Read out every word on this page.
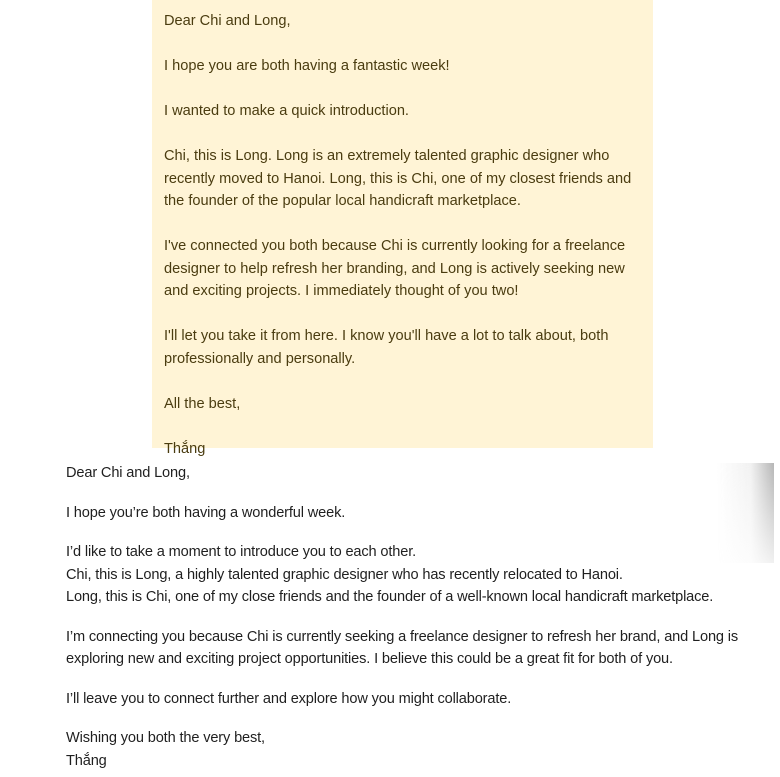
Dear Chi and Long,

I hope you are both having a fantastic week!

I wanted to make a quick introduction.

Chi, this is Long. Long is an extremely talented graphic designer who recently moved to Hanoi. Long, this is Chi, one of my closest friends and the founder of the popular local handicraft marketplace.

I've connected you both because Chi is currently looking for a freelance designer to help refresh her branding, and Long is actively seeking new and exciting projects. I immediately thought of you two!

I'll let you take it from here. I know you'll have a lot to talk about, both professionally and personally.

All the best,

Thắng

Dear Chi and Long,

I hope you’re both having a wonderful week.

I’d like to take a moment to introduce you to each other.

Chi, this is Long, a highly talented graphic designer who has recently relocated to Hanoi.

Long, this is Chi, one of my close friends and the founder of a well-known local handicraft marketplace.

I’m connecting you because Chi is currently seeking a freelance designer to refresh her brand, and Long is exploring new and exciting project opportunities. I believe this could be a great fit for both of you.

I’ll leave you to connect further and explore how you might collaborate.

Wishing you both the very best,

Thắng
